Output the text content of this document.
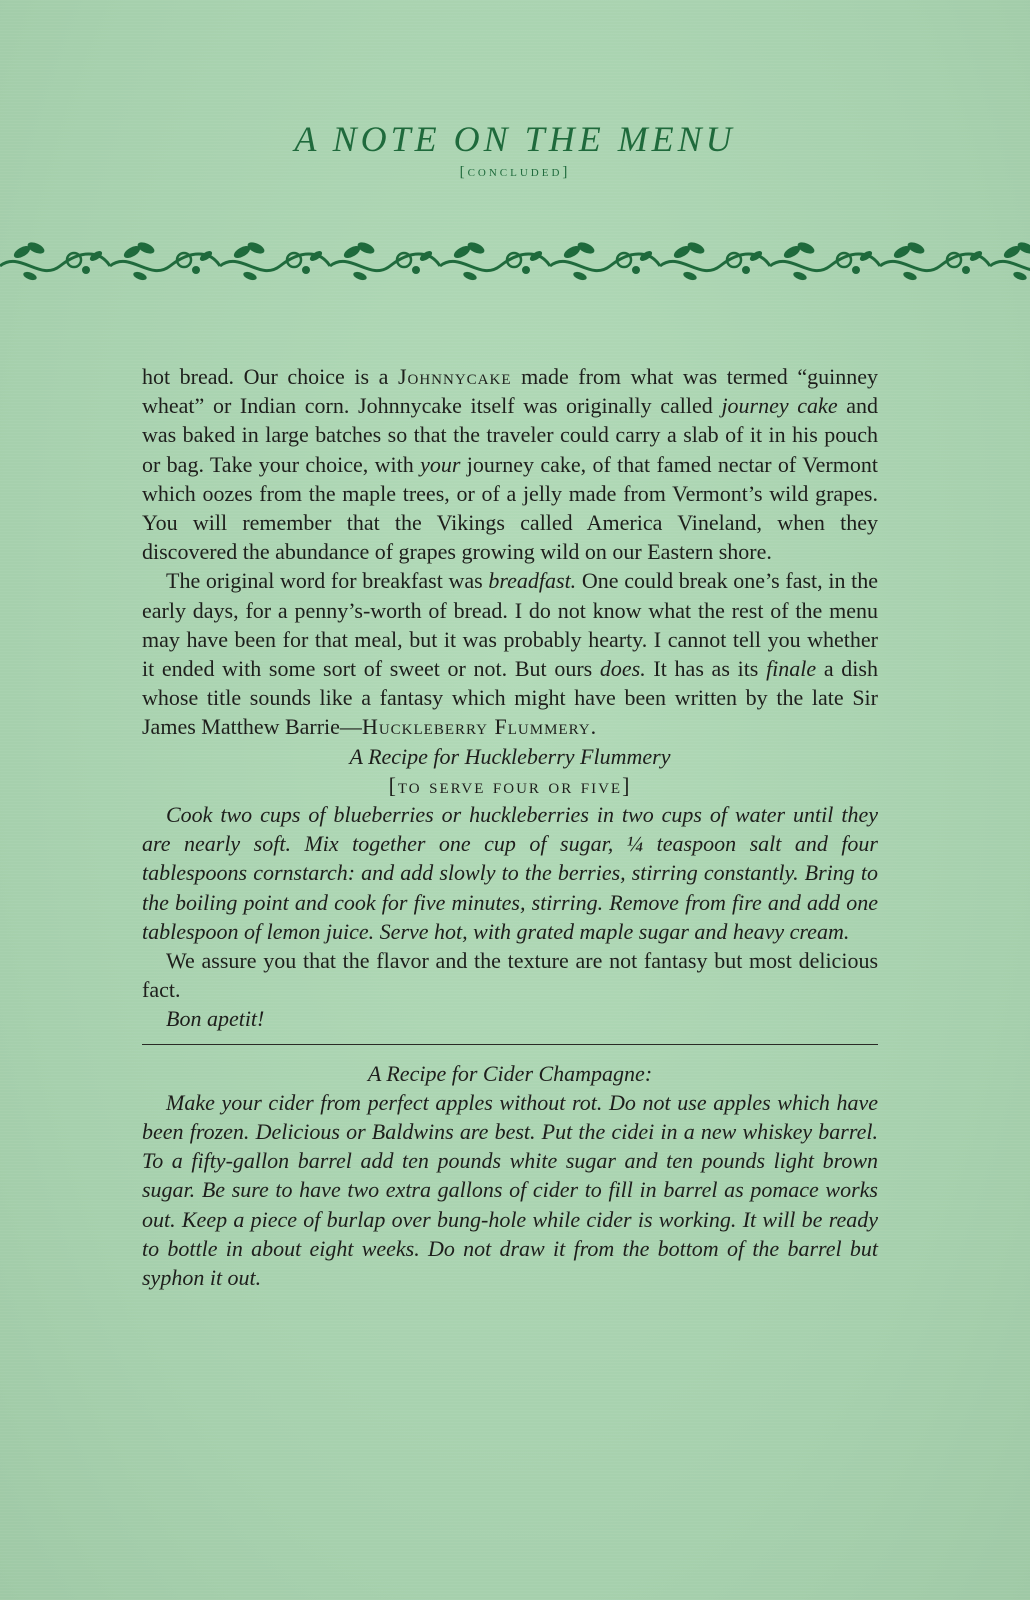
A NOTE ON THE MENU
[concluded]

hot bread. Our choice is a Johnnycake made from what was termed “guinney wheat” or Indian corn. Johnnycake itself was originally called journey cake and was baked in large batches so that the traveler could carry a slab of it in his pouch or bag. Take your choice, with your journey cake, of that famed nectar of Vermont which oozes from the maple trees, or of a jelly made from Vermont’s wild grapes. You will remember that the Vikings called America Vineland, when they discovered the abundance of grapes growing wild on our Eastern shore.

The original word for breakfast was breadfast. One could break one’s fast, in the early days, for a penny’s-worth of bread. I do not know what the rest of the menu may have been for that meal, but it was probably hearty. I cannot tell you whether it ended with some sort of sweet or not. But ours does. It has as its finale a dish whose title sounds like a fantasy which might have been written by the late Sir James Matthew Barrie—Huckleberry Flummery.

A Recipe for Huckleberry Flummery

[to serve four or five]

Cook two cups of blueberries or huckleberries in two cups of water until they are nearly soft. Mix together one cup of sugar, ¼ teaspoon salt and four tablespoons cornstarch: and add slowly to the berries, stirring constantly. Bring to the boiling point and cook for five minutes, stirring. Remove from fire and add one tablespoon of lemon juice. Serve hot, with grated maple sugar and heavy cream.

We assure you that the flavor and the texture are not fantasy but most delicious fact.

Bon apetit!

A Recipe for Cider Champagne:

Make your cider from perfect apples without rot. Do not use apples which have been frozen. Delicious or Baldwins are best. Put the cidei in a new whiskey barrel. To a fifty-gallon barrel add ten pounds white sugar and ten pounds light brown sugar. Be sure to have two extra gallons of cider to fill in barrel as pomace works out. Keep a piece of burlap over bung-hole while cider is working. It will be ready to bottle in about eight weeks. Do not draw it from the bottom of the barrel but syphon it out.
